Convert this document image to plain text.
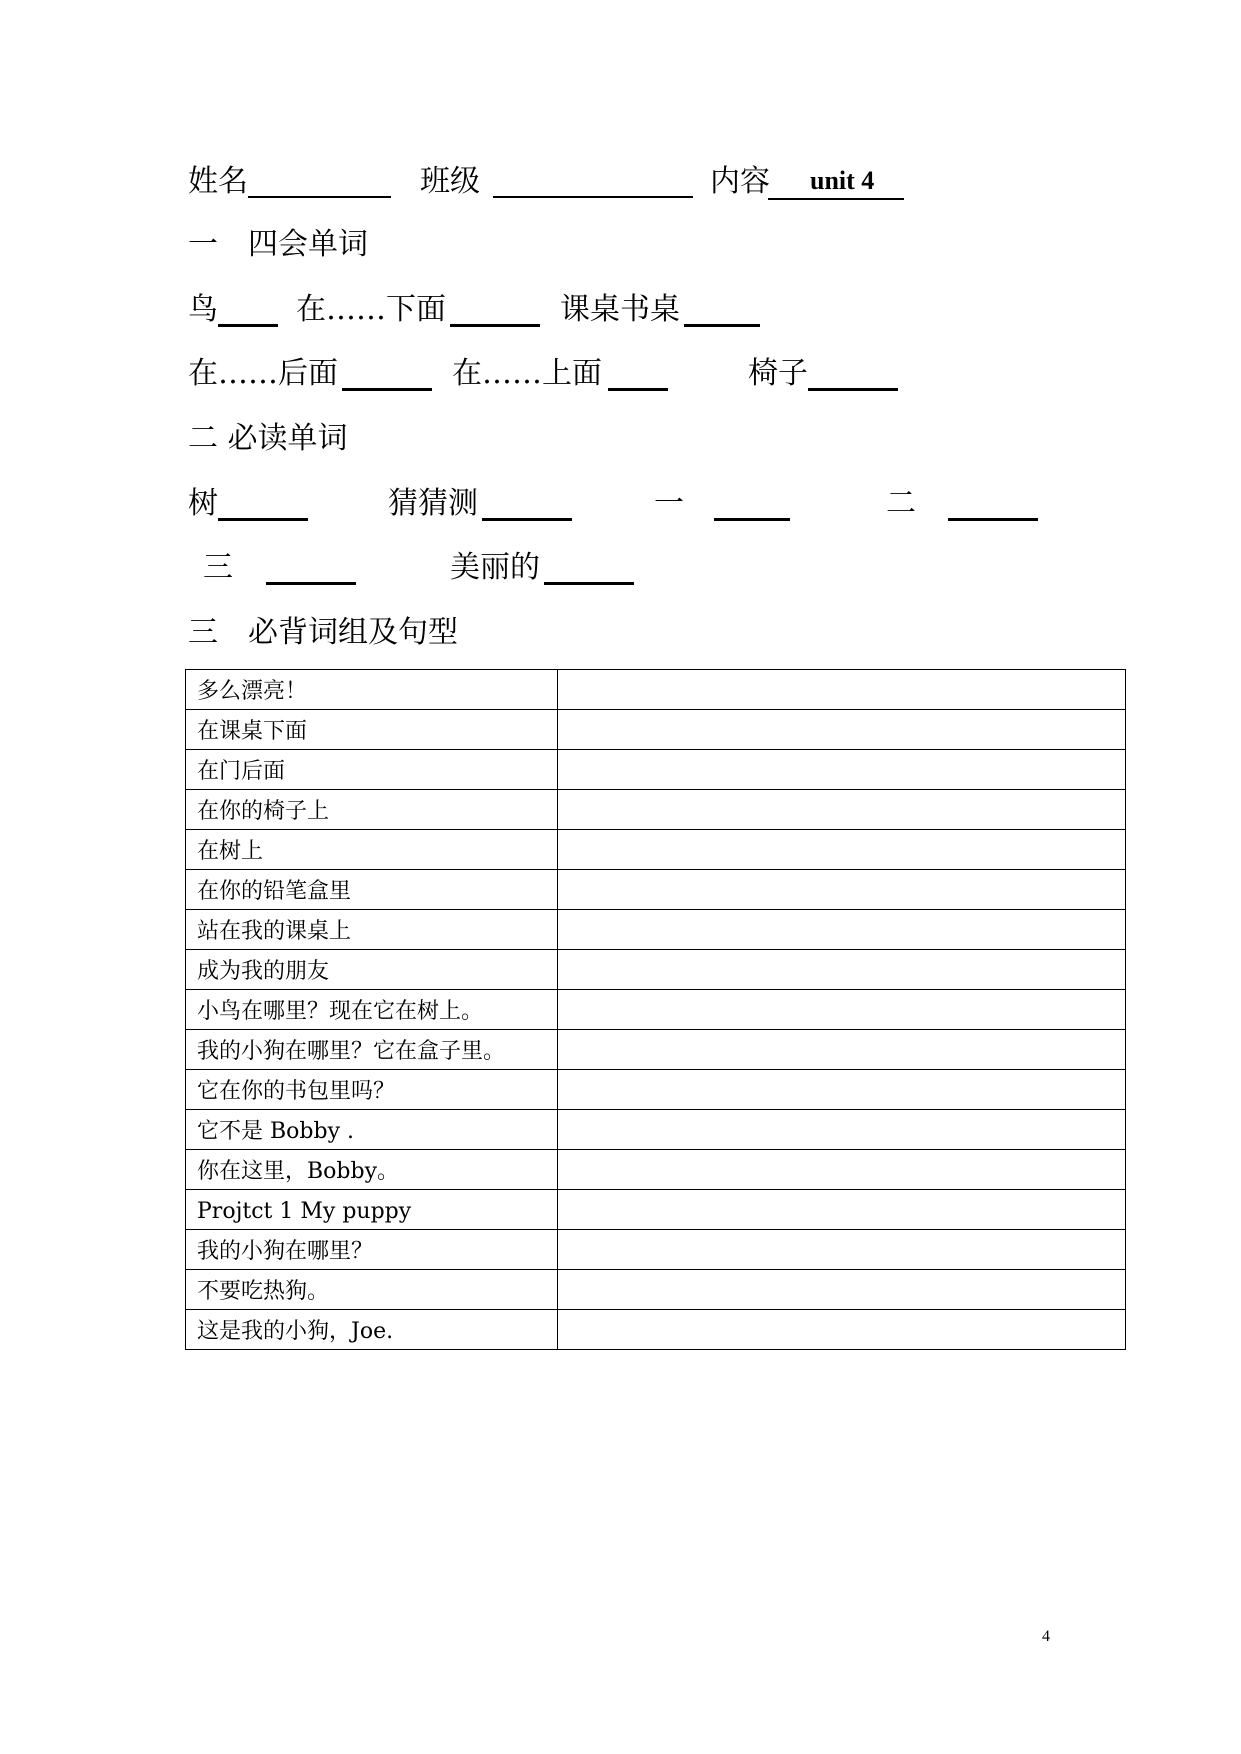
姓名	班级	内容	unit 4
一　四会单词
鸟	在……下面	课桌书桌
在……后面	在……上面	椅子
二 必读单词
树	猜猜测	一	二
三	美丽的
三　必背词组及句型
多么漂亮！	
在课桌下面	
在门后面	
在你的椅子上	
在树上	
在你的铅笔盒里	
站在我的课桌上	
成为我的朋友	
小鸟在哪里？现在它在树上。	
我的小狗在哪里？它在盒子里。	
它在你的书包里吗？	
它不是 Bobby .	
你在这里，Bobby。	
Projtct 1 My puppy	
我的小狗在哪里？	
不要吃热狗。	
这是我的小狗，Joe.	
4
